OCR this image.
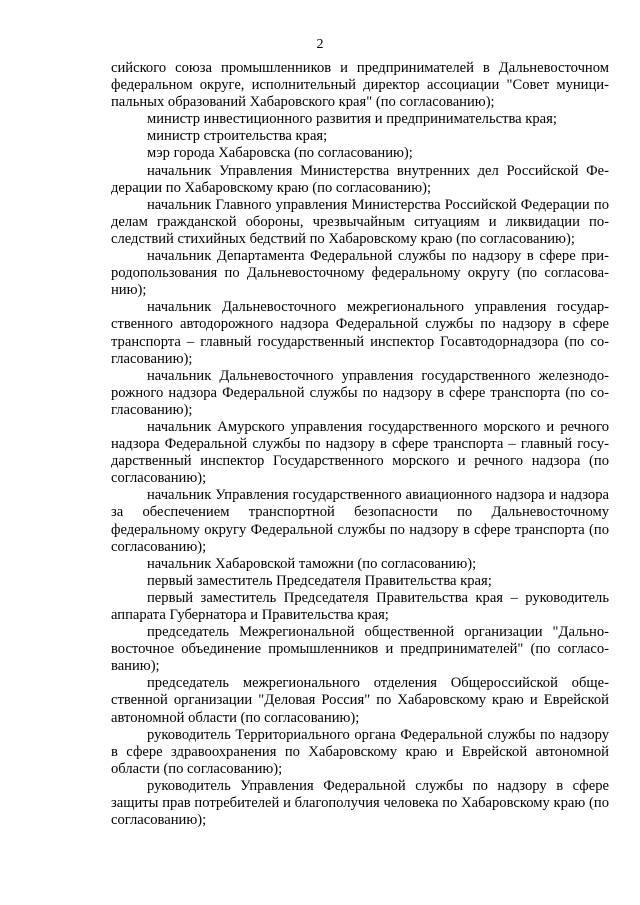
2

сийского союза промышленников и предпринимателей в Дальневосточном федеральном округе, исполнительный директор ассоциации "Совет муниципальных образований Хабаровского края" (по согласованию);

министр инвестиционного развития и предпринимательства края;

министр строительства края;

мэр города Хабаровска (по согласованию);

начальник Управления Министерства внутренних дел Российской Федерации по Хабаровскому краю (по согласованию);

начальник Главного управления Министерства Российской Федерации по делам гражданской обороны, чрезвычайным ситуациям и ликвидации последствий стихийных бедствий по Хабаровскому краю (по согласованию);

начальник Департамента Федеральной службы по надзору в сфере природопользования по Дальневосточному федеральному округу (по согласованию);

начальник Дальневосточного межрегионального управления государственного автодорожного надзора Федеральной службы по надзору в сфере транспорта – главный государственный инспектор Госавтодорнадзора (по согласованию);

начальник Дальневосточного управления государственного железнодорожного надзора Федеральной службы по надзору в сфере транспорта (по согласованию);

начальник Амурского управления государственного морского и речного надзора Федеральной службы по надзору в сфере транспорта – главный государственный инспектор Государственного морского и речного надзора (по согласованию);

начальник Управления государственного авиационного надзора и надзора за обеспечением транспортной безопасности по Дальневосточному федеральному округу Федеральной службы по надзору в сфере транспорта (по согласованию);

начальник Хабаровской таможни (по согласованию);

первый заместитель Председателя Правительства края;

первый заместитель Председателя Правительства края – руководитель аппарата Губернатора и Правительства края;

председатель Межрегиональной общественной организации "Дальновосточное объединение промышленников и предпринимателей" (по согласованию);

председатель межрегионального отделения Общероссийской общественной организации "Деловая Россия" по Хабаровскому краю и Еврейской автономной области (по согласованию);

руководитель Территориального органа Федеральной службы по надзору в сфере здравоохранения по Хабаровскому краю и Еврейской автономной области (по согласованию);

руководитель Управления Федеральной службы по надзору в сфере защиты прав потребителей и благополучия человека по Хабаровскому краю (по согласованию);
